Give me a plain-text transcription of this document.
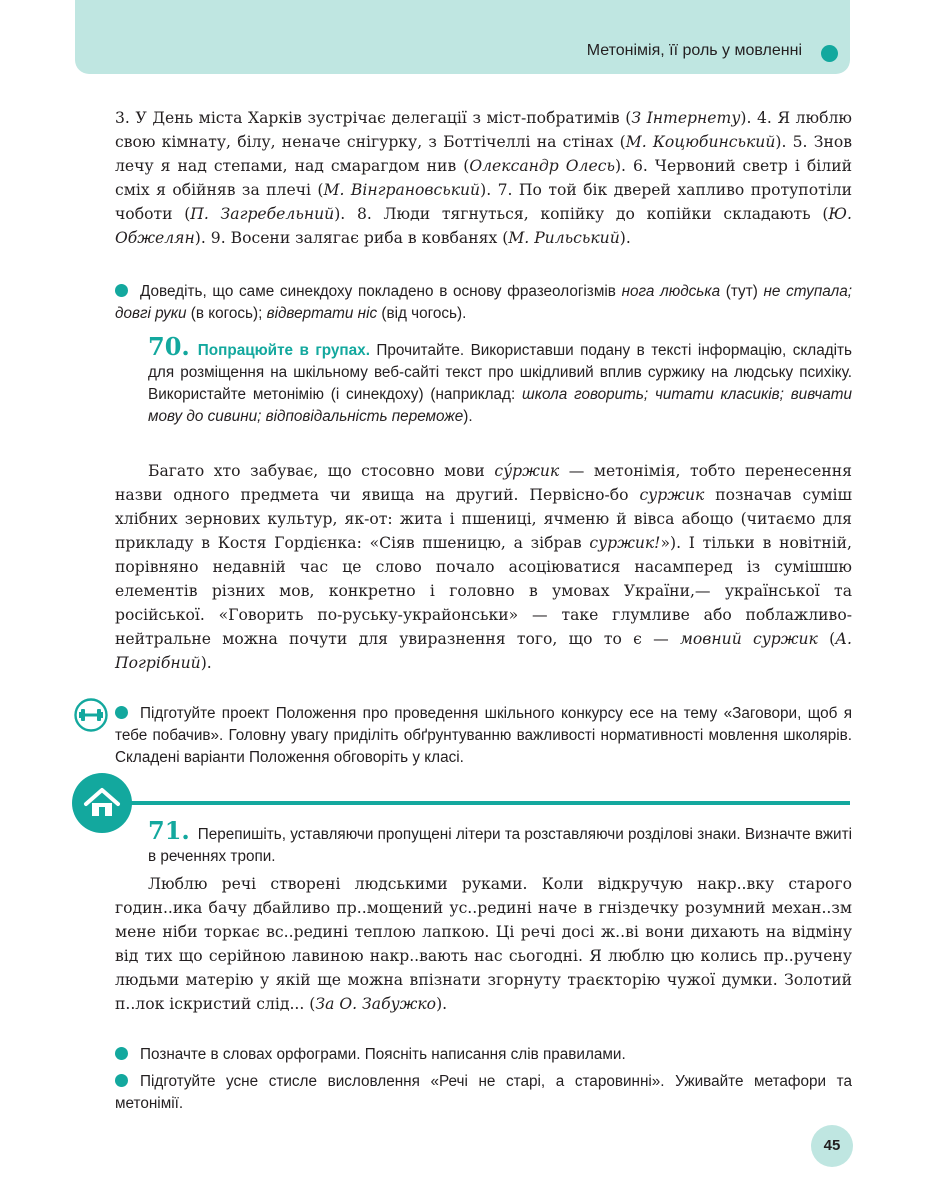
Метонімія, її роль у мовленні

3. У День міста Харків зустрічає делегації з міст-побратимів (З Інтернету). 4. Я люблю свою кімнату, білу, неначе снігурку, з Боттічеллі на стінах (М. Коцюбинський). 5. Знов лечу я над степами, над смарагдом нив (Олександр Олесь). 6. Червоний светр і білий сміх я обійняв за плечі (М. Вінграновський). 7. По той бік дверей хапливо протупотіли чоботи (П. Загребельний). 8. Люди тягнуться, копійку до копійки складають (Ю. Обжелян). 9. Восени залягає риба в ковбанях (М. Рильський).

Доведіть, що саме синекдоху покладено в основу фразеологізмів нога людська (тут) не ступала; довгі руки (в когось); відвертати ніс (від чогось).

70. Попрацюйте в групах. Прочитайте. Використавши подану в тексті інформацію, складіть для розміщення на шкільному веб-сайті текст про шкідливий вплив суржику на людську психіку. Використайте метонімію (і синекдоху) (наприклад: школа говорить; читати класиків; вивчати мову до сивини; відповідальність переможе).

Багато хто забуває, що стосовно мови су́ржик — метонімія, тобто перенесення назви одного предмета чи явища на другий. Первісно-бо суржик позначав суміш хлібних зернових культур, як-от: жита і пшениці, ячменю й вівса абощо (читаємо для прикладу в Костя Гордієнка: «Сіяв пшеницю, а зібрав суржик!»). І тільки в новітній, порівняно недавній час це слово почало асоціюватися насамперед із сумішшю елементів різних мов, конкретно і головно в умовах України,— української та російської. «Говорить по-руську-украйонськи» — таке глумливе або поблажливо-нейтральне можна почути для увиразнення того, що то є — мовний суржик (А. Погрібний).

Підготуйте проект Положення про проведення шкільного конкурсу есе на тему «Заговори, щоб я тебе побачив». Головну увагу приділіть обґрунтуванню важливості нормативності мовлення школярів. Складені варіанти Положення обговоріть у класі.

71. Перепишіть, уставляючи пропущені літери та розставляючи розділові знаки. Визначте вжиті в реченнях тропи.

Люблю речі створені людськими руками. Коли відкручую накр..вку старого годин..ика бачу дбайливо пр..мощений ус..редині наче в гніздечку розумний механ..зм мене ніби торкає вс..редині теплою лапкою. Ці речі досі ж..ві вони дихають на відміну від тих що серійною лавиною накр..вають нас сьогодні. Я люблю цю колись пр..ручену людьми матерію у якій ще можна впізнати згорнуту траєкторію чужої думки. Золотий п..лок іскристий слід... (За О. Забужко).

Позначте в словах орфограми. Поясніть написання слів правилами.

Підготуйте усне стисле висловлення «Речі не старі, а старовинні». Уживайте метафори та метонімії.

45
